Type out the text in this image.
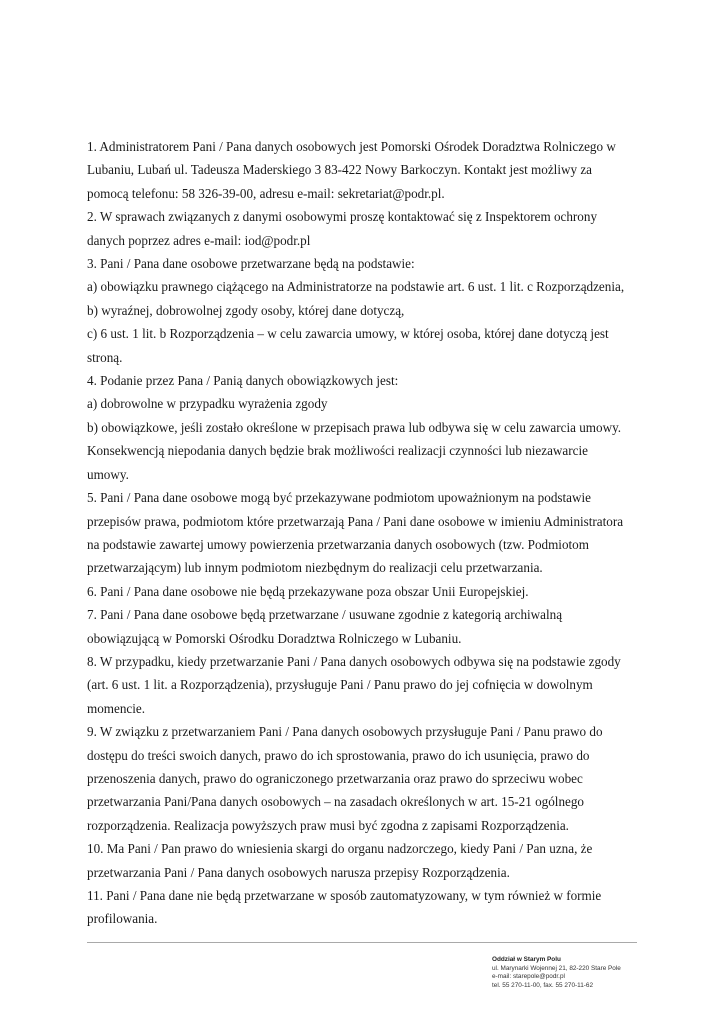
1. Administratorem Pani / Pana danych osobowych jest Pomorski Ośrodek Doradztwa Rolniczego w
Lubaniu, Lubań ul. Tadeusza Maderskiego 3 83-422 Nowy Barkoczyn. Kontakt jest możliwy za
pomocą telefonu: 58 326-39-00, adresu e-mail: sekretariat@podr.pl.
2. W sprawach związanych z danymi osobowymi proszę kontaktować się z Inspektorem ochrony
danych poprzez adres e-mail: iod@podr.pl
3. Pani / Pana dane osobowe przetwarzane będą na podstawie:
a) obowiązku prawnego ciążącego na Administratorze na podstawie art. 6 ust. 1 lit. c Rozporządzenia,
b) wyraźnej, dobrowolnej zgody osoby, której dane dotyczą,
c) 6 ust. 1 lit. b Rozporządzenia – w celu zawarcia umowy, w której osoba, której dane dotyczą jest
stroną.
4. Podanie przez Pana / Panią danych obowiązkowych jest:
a) dobrowolne w przypadku wyrażenia zgody
b) obowiązkowe, jeśli zostało określone w przepisach prawa lub odbywa się w celu zawarcia umowy.
Konsekwencją niepodania danych będzie brak możliwości realizacji czynności lub niezawarcie
umowy.
5. Pani / Pana dane osobowe mogą być przekazywane podmiotom upoważnionym na podstawie
przepisów prawa, podmiotom które przetwarzają Pana / Pani dane osobowe w imieniu Administratora
na podstawie zawartej umowy powierzenia przetwarzania danych osobowych (tzw. Podmiotom
przetwarzającym) lub innym podmiotom niezbędnym do realizacji celu przetwarzania.
6. Pani / Pana dane osobowe nie będą przekazywane poza obszar Unii Europejskiej.
7. Pani / Pana dane osobowe będą przetwarzane / usuwane zgodnie z kategorią archiwalną
obowiązującą w Pomorski Ośrodku Doradztwa Rolniczego w Lubaniu.
8. W przypadku, kiedy przetwarzanie Pani / Pana danych osobowych odbywa się na podstawie zgody
(art. 6 ust. 1 lit. a Rozporządzenia), przysługuje Pani / Panu prawo do jej cofnięcia w dowolnym
momencie.
9. W związku z przetwarzaniem Pani / Pana danych osobowych przysługuje Pani / Panu prawo do
dostępu do treści swoich danych, prawo do ich sprostowania, prawo do ich usunięcia, prawo do
przenoszenia danych, prawo do ograniczonego przetwarzania oraz prawo do sprzeciwu wobec
przetwarzania Pani/Pana danych osobowych – na zasadach określonych w art. 15-21 ogólnego
rozporządzenia. Realizacja powyższych praw musi być zgodna z zapisami Rozporządzenia.
10. Ma Pani / Pan prawo do wniesienia skargi do organu nadzorczego, kiedy Pani / Pan uzna, że
przetwarzania Pani / Pana danych osobowych narusza przepisy Rozporządzenia.
11. Pani / Pana dane nie będą przetwarzane w sposób zautomatyzowany, w tym również w formie
profilowania.
Oddział w Starym Polu
ul. Marynarki Wojennej 21, 82-220 Stare Pole
e-mail: starepole@podr.pl
tel. 55 270-11-00, fax. 55 270-11-62
